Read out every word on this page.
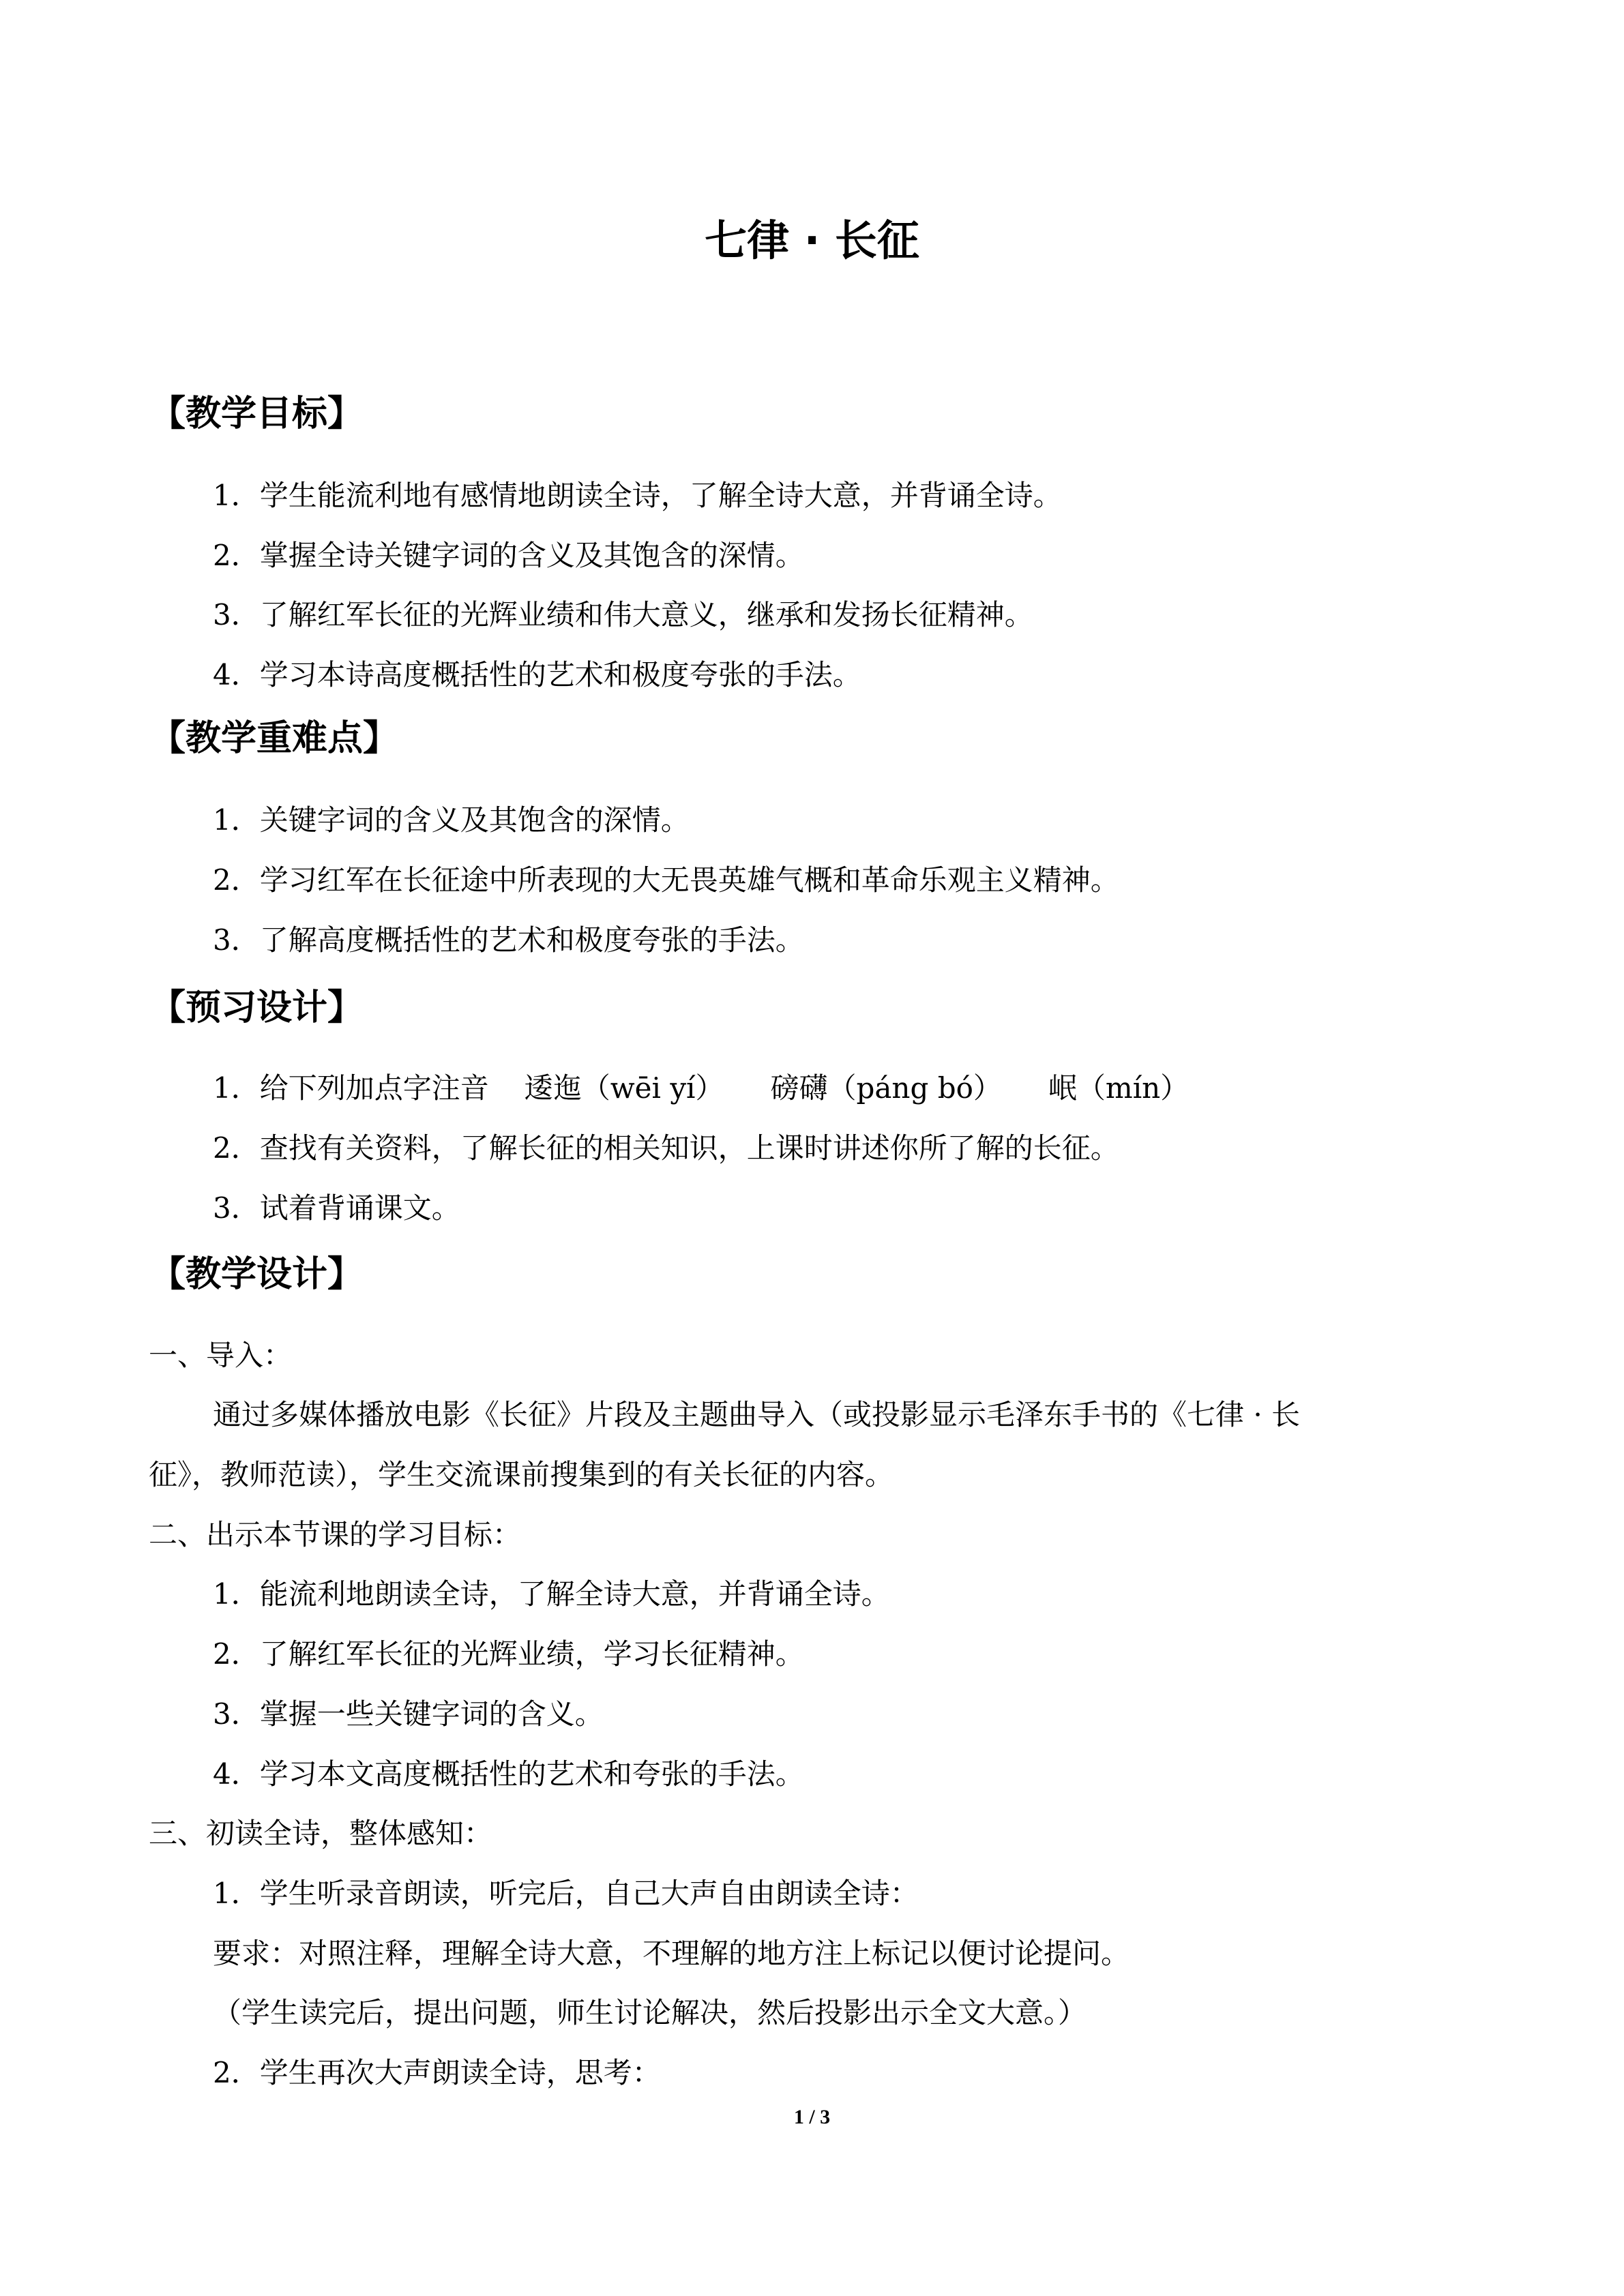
七律 · 长征
【教学目标】
1．学生能流利地有感情地朗读全诗，了解全诗大意，并背诵全诗。
2．掌握全诗关键字词的含义及其饱含的深情。
3．了解红军长征的光辉业绩和伟大意义，继承和发扬长征精神。
4．学习本诗高度概括性的艺术和极度夸张的手法。
【教学重难点】
1．关键字词的含义及其饱含的深情。
2．学习红军在长征途中所表现的大无畏英雄气概和革命乐观主义精神。
3．了解高度概括性的艺术和极度夸张的手法。
【预习设计】
1．给下列加点字注音 逶迤（wēi yí） 磅礴（páng bó） 岷（mín）
2．查找有关资料，了解长征的相关知识，上课时讲述你所了解的长征。
3．试着背诵课文。
【教学设计】
一、导入：
通过多媒体播放电影《长征》片段及主题曲导入（或投影显示毛泽东手书的《七律 · 长
征》，教师范读），学生交流课前搜集到的有关长征的内容。
二、出示本节课的学习目标：
1．能流利地朗读全诗，了解全诗大意，并背诵全诗。
2．了解红军长征的光辉业绩，学习长征精神。
3．掌握一些关键字词的含义。
4．学习本文高度概括性的艺术和夸张的手法。
三、初读全诗，整体感知：
1．学生听录音朗读，听完后，自己大声自由朗读全诗：
要求：对照注释，理解全诗大意，不理解的地方注上标记以便讨论提问。
（学生读完后，提出问题，师生讨论解决，然后投影出示全文大意。）
2．学生再次大声朗读全诗，思考：
1 / 3
